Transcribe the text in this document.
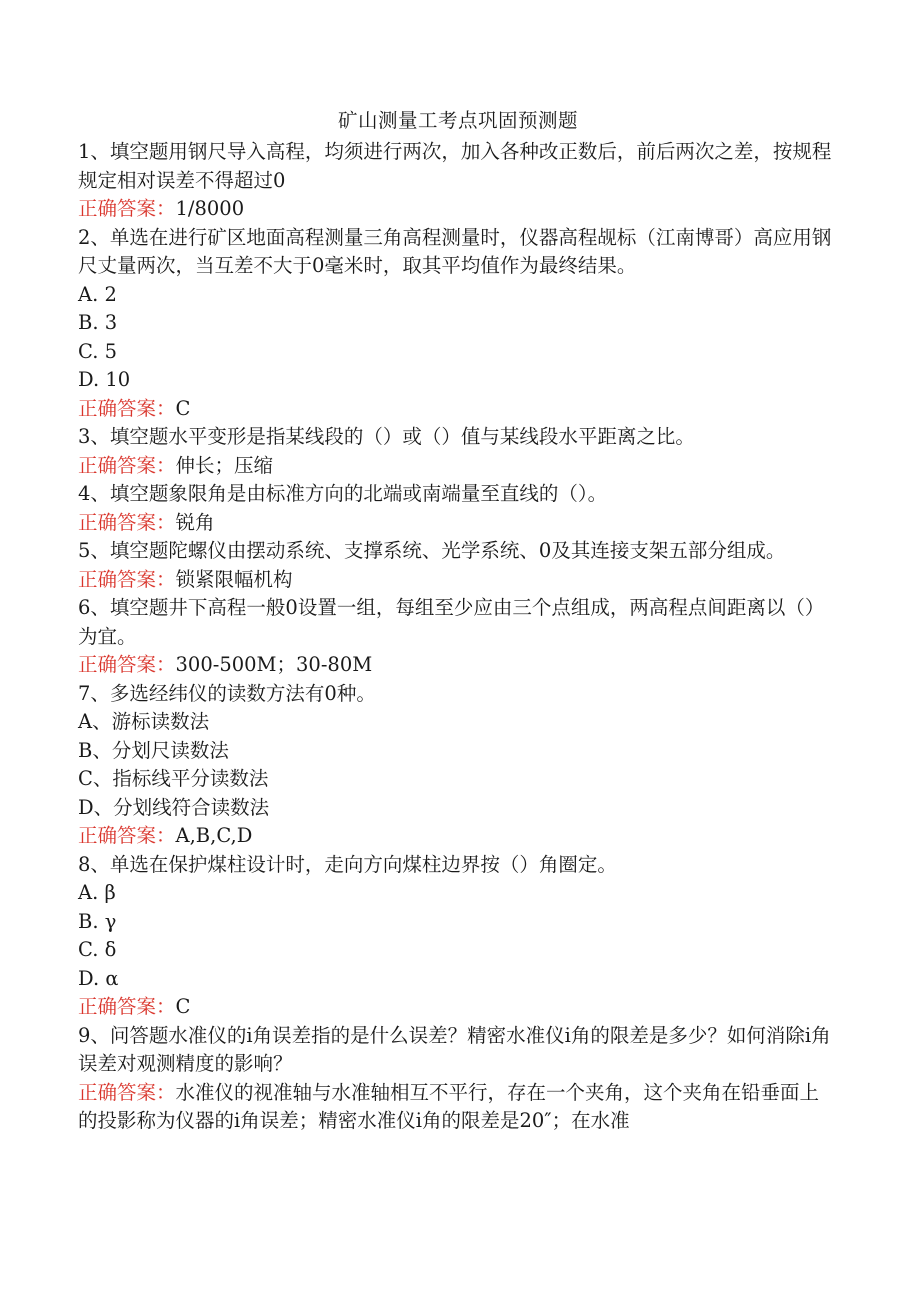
矿山测量工考点巩固预测题
1、填空题用钢尺导入高程，均须进行两次，加入各种改正数后，前后两次之差，按规程规定相对误差不得超过0
正确答案：1/8000
2、单选在进行矿区地面高程测量三角高程测量时，仪器高程觇标（江南博哥）高应用钢尺丈量两次，当互差不大于0毫米时，取其平均值作为最终结果。
A. 2
B. 3
C. 5
D. 10
正确答案：C
3、填空题水平变形是指某线段的（）或（）值与某线段水平距离之比。
正确答案：伸长；压缩
4、填空题象限角是由标准方向的北端或南端量至直线的（）。
正确答案：锐角
5、填空题陀螺仪由摆动系统、支撑系统、光学系统、0及其连接支架五部分组成。
正确答案：锁紧限幅机构
6、填空题井下高程一般0设置一组，每组至少应由三个点组成，两高程点间距离以（）为宜。
正确答案：300-500M；30-80M
7、多选经纬仪的读数方法有0种。
A、游标读数法
B、分划尺读数法
C、指标线平分读数法
D、分划线符合读数法
正确答案：A,B,C,D
8、单选在保护煤柱设计时，走向方向煤柱边界按（）角圈定。
A. β
B. γ
C. δ
D. α
正确答案：C
9、问答题水准仪的i角误差指的是什么误差？精密水准仪i角的限差是多少？如何消除i角误差对观测精度的影响？
正确答案：水准仪的视准轴与水准轴相互不平行，存在一个夹角，这个夹角在铅垂面上的投影称为仪器的i角误差；精密水准仪i角的限差是20″；在水准
